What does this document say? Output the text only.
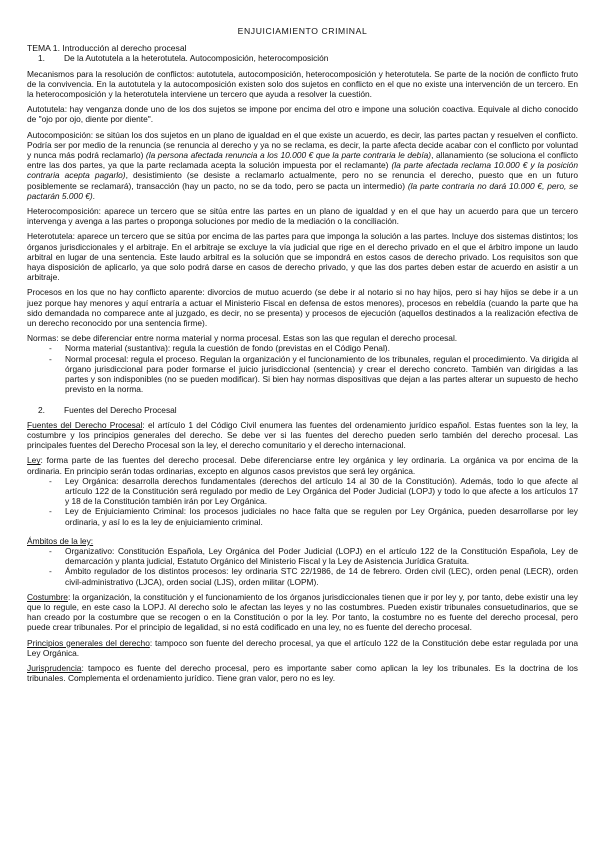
ENJUICIAMIENTO CRIMINAL
TEMA 1. Introducción al derecho procesal
1. De la Autotutela a la heterotutela. Autocomposición, heterocomposición

Mecanismos para la resolución de conflictos: autotutela, autocomposición, heterocomposición y heterotutela. Se parte de la noción de conflicto fruto de la convivencia. En la autotutela y la autocomposición existen solo dos sujetos en conflicto en el que no existe una intervención de un tercero. En la heterocomposición y la heterotutela interviene un tercero que ayuda a resolver la cuestión.

Autotutela: hay venganza donde uno de los dos sujetos se impone por encima del otro e impone una solución coactiva. Equivale al dicho conocido de "ojo por ojo, diente por diente".

Autocomposición: se sitúan los dos sujetos en un plano de igualdad en el que existe un acuerdo, es decir, las partes pactan y resuelven el conflicto. Podría ser por medio de la renuncia (se renuncia al derecho y ya no se reclama, es decir, la parte afecta decide acabar con el conflicto por voluntad y nunca más podrá reclamarlo) (la persona afectada renuncia a los 10.000 € que la parte contraria le debía), allanamiento (se soluciona el conflicto entre las dos partes, ya que la parte reclamada acepta la solución impuesta por el reclamante) (la parte afectada reclama 10.000 € y la posición contraria acepta pagarlo), desistimiento (se desiste a reclamarlo actualmente, pero no se renuncia el derecho, puesto que en un futuro posiblemente se reclamará), transacción (hay un pacto, no se da todo, pero se pacta un intermedio) (la parte contraria no dará 10.000 €, pero, se pactarán 5.000 €).

Heterocomposición: aparece un tercero que se sitúa entre las partes en un plano de igualdad y en el que hay un acuerdo para que un tercero intervenga y avenga a las partes o proponga soluciones por medio de la mediación o la conciliación.

Heterotutela: aparece un tercero que se sitúa por encima de las partes para que imponga la solución a las partes. Incluye dos sistemas distintos; los órganos jurisdiccionales y el arbitraje. En el arbitraje se excluye la vía judicial que rige en el derecho privado en el que el árbitro impone un laudo arbitral en lugar de una sentencia. Este laudo arbitral es la solución que se impondrá en estos casos de derecho privado. Los requisitos son que haya disposición de aplicarlo, ya que solo podrá darse en casos de derecho privado, y que las dos partes deben estar de acuerdo en asistir a un arbitraje.

Procesos en los que no hay conflicto aparente: divorcios de mutuo acuerdo (se debe ir al notario si no hay hijos, pero si hay hijos se debe ir a un juez porque hay menores y aquí entraría a actuar el Ministerio Fiscal en defensa de estos menores), procesos en rebeldía (cuando la parte que ha sido demandada no comparece ante al juzgado, es decir, no se presenta) y procesos de ejecución (aquellos destinados a la realización efectiva de un derecho reconocido por una sentencia firme).

Normas: se debe diferenciar entre norma material y norma procesal. Estas son las que regulan el derecho procesal.

- Norma material (sustantiva): regula la cuestión de fondo (previstas en el Código Penal).
- Normal procesal: regula el proceso. Regulan la organización y el funcionamiento de los tribunales, regulan el procedimiento. Va dirigida al órgano jurisdiccional para poder formarse el juicio jurisdiccional (sentencia) y crear el derecho concreto. También van dirigidas a las partes y son indisponibles (no se pueden modificar). Si bien hay normas dispositivas que dejan a las partes alterar un supuesto de hecho previsto en la norma.
2. Fuentes del Derecho Procesal

Fuentes del Derecho Procesal: el artículo 1 del Código Civil enumera las fuentes del ordenamiento jurídico español. Estas fuentes son la ley, la costumbre y los principios generales del derecho. Se debe ver si las fuentes del derecho pueden serlo también del derecho procesal. Las principales fuentes del Derecho Procesal son la ley, el derecho comunitario y el derecho internacional.

Ley: forma parte de las fuentes del derecho procesal. Debe diferenciarse entre ley orgánica y ley ordinaria. La orgánica va por encima de la ordinaria. En principio serán todas ordinarias, excepto en algunos casos previstos que será ley orgánica.

- Ley Orgánica: desarrolla derechos fundamentales (derechos del artículo 14 al 30 de la Constitución). Además, todo lo que afecte al artículo 122 de la Constitución será regulado por medio de Ley Orgánica del Poder Judicial (LOPJ) y todo lo que afecte a los artículos 17 y 18 de la Constitución también irán por Ley Orgánica.
- Ley de Enjuiciamiento Criminal: los procesos judiciales no hace falta que se regulen por Ley Orgánica, pueden desarrollarse por ley ordinaria, y así lo es la ley de enjuiciamiento criminal.

Ámbitos de la ley:

- Organizativo: Constitución Española, Ley Orgánica del Poder Judicial (LOPJ) en el artículo 122 de la Constitución Española, Ley de demarcación y planta judicial, Estatuto Orgánico del Ministerio Fiscal y la Ley de Asistencia Jurídica Gratuita.
- Ámbito regulador de los distintos procesos: ley ordinaria STC 22/1986, de 14 de febrero. Orden civil (LEC), orden penal (LECR), orden civil-administrativo (LJCA), orden social (LJS), orden militar (LOPM).

Costumbre: la organización, la constitución y el funcionamiento de los órganos jurisdiccionales tienen que ir por ley y, por tanto, debe existir una ley que lo regule, en este caso la LOPJ. Al derecho solo le afectan las leyes y no las costumbres. Pueden existir tribunales consuetudinarios, que se han creado por la costumbre que se recogen o en la Constitución o por la ley. Por tanto, la costumbre no es fuente del derecho procesal, pero puede crear tribunales. Por el principio de legalidad, si no está codificado en una ley, no es fuente del derecho procesal.

Principios generales del derecho: tampoco son fuente del derecho procesal, ya que el artículo 122 de la Constitución debe estar regulada por una Ley Orgánica.

Jurisprudencia: tampoco es fuente del derecho procesal, pero es importante saber como aplican la ley los tribunales. Es la doctrina de los tribunales. Complementa el ordenamiento jurídico. Tiene gran valor, pero no es ley.
